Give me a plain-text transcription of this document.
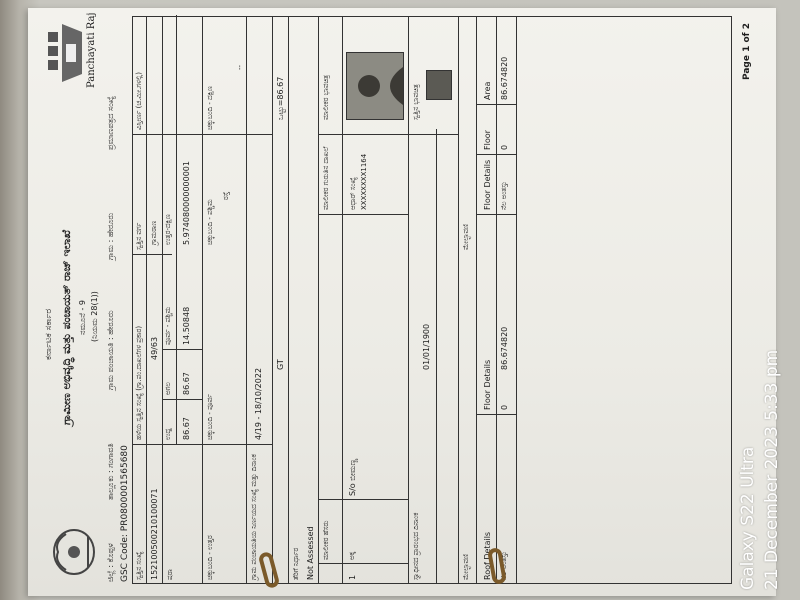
ಕರ್ನಾಟಕ ಸರ್ಕಾರ ಗ್ರಾಮೀಣ ಅಭಿವೃದ್ಧಿ ಮತ್ತು ಪಂಚಾಯತ್ ರಾಜ್ ಇಲಾಖೆ ನಮೂನೆ - 9 (ನಿಯಮ 28(1))
Panchayati Raj
ಜಿಲ್ಲೆ : ಕೊಪ್ಪಳ
ತಾಲ್ಲೂಕು : ಗಂಗಾವತಿ
ಗ್ರಾಮ ಪಂಚಾಯತಿ : ಹೇರೂರು
ಗ್ರಾಮ : ಹೇರೂರು
ಪ್ರಮಾಣಪತ್ರದ ಸಂಖ್ಯೆ
GSC Code: PR0800001565680 ಸ್ವತ್ತಿನ ಸಂಖ್ಯೆ
ಹಳೆಯ ಸ್ವತ್ತಿನ ಸಂಖ್ಯೆ (ಗ್ರಾ.ಪಂ.ದಾಖಲೆಗಳ ಪ್ರಕಾರ)
ಸ್ವತ್ತಿನ ವರ್ಗ
152100500210100071
49/63
ಗ್ರಾಮಠಾಣ
ವಿಸ್ತೀರ್ಣ (ಚ.ಮೀ.ಗಳಲ್ಲಿ)
ಷರಾ
ಉದ್ದ
ಅಗಲ
ಪೂರ್ವ - ಪಶ್ಚಿಮ
ಉತ್ತರ-ದಕ್ಷಿಣ
86.67
86.67
14.50848
5.974080000000001
ಚಕ್ಕುಬಂದಿ - ಉತ್ತರ
ಚಕ್ಕುಬಂದಿ - ಪೂರ್ವ
ಚಕ್ಕುಬಂದಿ - ಪಶ್ಚಿಮ
ಚಕ್ಕುಬಂದಿ - ದಕ್ಷಿಣ
ರಸ್ತೆ
--
ಗ್ರಾಮ ಪಂಚಾಯತಿಯ ನಿರ್ಣಯದ ಸಂಖ್ಯೆ ಮತ್ತು ದಿನಾಂಕ
4/19 - 18/10/2022
GT
ಒಟ್ಟು=86.67
ತೆರಿಗೆ ನಿರ್ಧಾರ Not Assessed ಮಾಲೀಕರ ಹೆಸರು
ಮಾಲೀಕರ ಗುರುತಿನ ದಾಖಲೆ
ಮಾಲೀಕರ ಭಾವಚಿತ್ರ
1
ಅಕ್ಕ
S/o ಬೀಮಣ್ಣ
ಆಧಾರ್ ಸಂಖ್ಯೆ XXXXXXXX1164
ಸ್ವಾಧೀನದ ಪ್ರಾರಂಭದ ದಿನಾಂಕ
01/01/1900
ಸ್ವತ್ತಿನ ಭಾವಚಿತ್ರ
ಮೇಲ್ಛಾವಣಿ
ಮೇಲ್ಛಾವಣಿ
Roof Details
Floor Details
Floor Details
Floor
Area
ನೆಲ ಅಂತಸ್ತು
0
86.674820
ನೆಲ ಅಂತಸ್ತು
0
86.674820	Page 1 of 2
Galaxy S22 Ultra 21 December 2023 5:33 pm
